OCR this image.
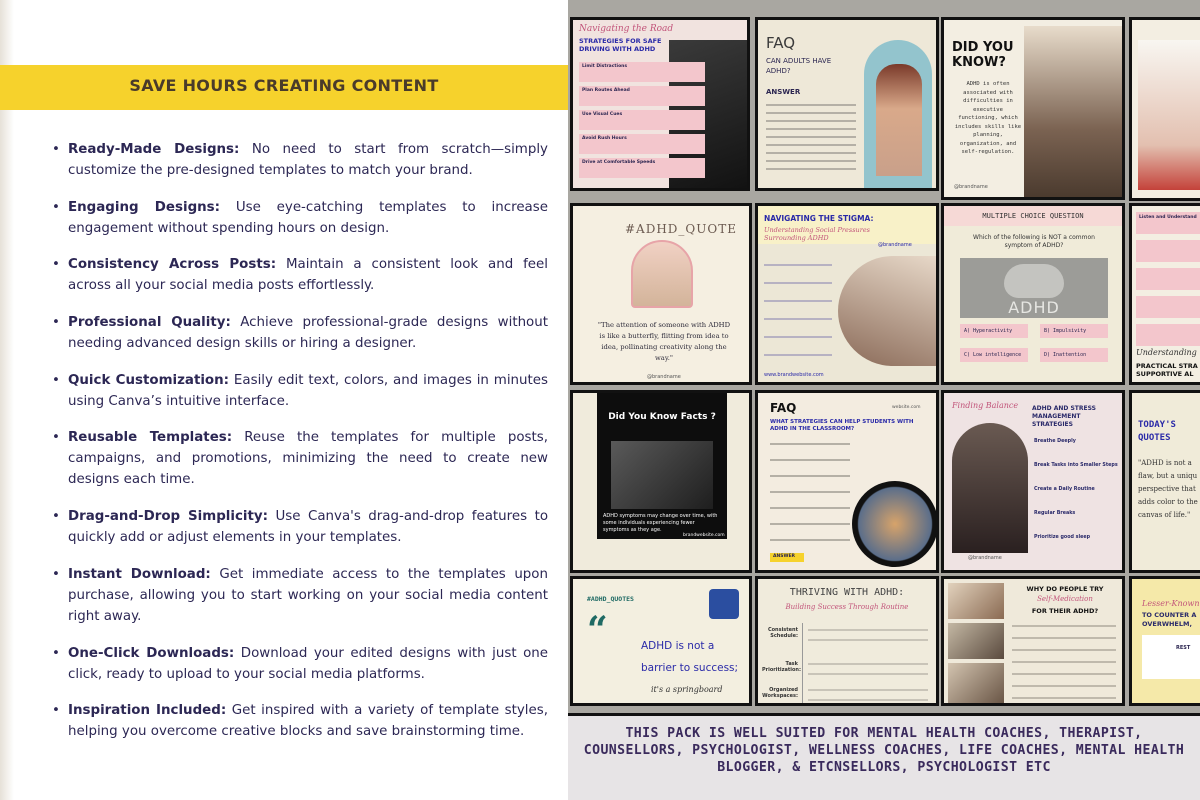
SAVE HOURS CREATING CONTENT
• Ready-Made Designs: No need to start from scratch—simply customize the pre-designed templates to match your brand.
• Engaging Designs: Use eye-catching templates to increase engagement without spending hours on design.
• Consistency Across Posts: Maintain a consistent look and feel across all your social media posts effortlessly.
• Professional Quality: Achieve professional-grade designs without needing advanced design skills or hiring a designer.
• Quick Customization: Easily edit text, colors, and images in minutes using Canva’s intuitive interface.
• Reusable Templates: Reuse the templates for multiple posts, campaigns, and promotions, minimizing the need to create new designs each time.
• Drag-and-Drop Simplicity: Use Canva's drag-and-drop features to quickly add or adjust elements in your templates.
• Instant Download: Get immediate access to the templates upon purchase, allowing you to start working on your social media content right away.
• One-Click Downloads: Download your edited designs with just one click, ready to upload to your social media platforms.
• Inspiration Included: Get inspired with a variety of template styles, helping you overcome creative blocks and save brainstorming time.
Navigating the Road
STRATEGIES FOR SAFE DRIVING WITH ADHD
Limit Distractions
Plan Routes Ahead
Use Visual Cues
Avoid Rush Hours
Drive at Comfortable Speeds
FAQ
CAN ADULTS HAVE ADHD?
ANSWER
DID YOU KNOW?
ADHD is often associated with difficulties in executive functioning, which includes skills like planning, organization, and self-regulation.
@brandname
#ADHD_QUOTE
"The attention of someone with ADHD is like a butterfly, flitting from idea to idea, pollinating creativity along the way."
@brandname
NAVIGATING THE STIGMA:
Understanding Social Pressures Surrounding ADHD
@brandname
www.brandwebsite.com
MULTIPLE CHOICE QUESTION
Which of the following is NOT a common symptom of ADHD?
ADHD
A) Hyperactivity	B) Impulsivity
C) Low intelligence	D) Inattention
Listen and Understand
Understanding
PRACTICAL STRA SUPPORTIVE AL
Did You Know Facts ?
ADHD symptoms may change over time, with some individuals experiencing fewer symptoms as they age.
brandwebsite.com
FAQ	website.com
WHAT STRATEGIES CAN HELP STUDENTS WITH ADHD IN THE CLASSROOM?
ANSWER
Finding Balance ADHD AND STRESS MANAGEMENT STRATEGIES
@brandname
Breathe Deeply
Break Tasks into Smaller Steps
Create a Daily Routine
Regular Breaks
Prioritize good sleep
TODAY'S QUOTES
"ADHD is not a flaw, but a uniqu perspective that adds color to the canvas of life."
#ADHD_QUOTES
“	ADHD is not a barrier to success;
it's a springboard
THRIVING WITH ADHD:
Building Success Through Routine
Consistent Schedule:
Task Prioritization:
Organized Workspaces:
WHY DO PEOPLE TRY
Self-Medication
FOR THEIR ADHD?
Lesser-Known
TO COUNTER A OVERWHELM,
REST
THIS PACK IS WELL SUITED FOR MENTAL HEALTH COACHES, THERAPIST, COUNSELLORS, PSYCHOLOGIST, WELLNESS COACHES, LIFE COACHES, MENTAL HEALTH BLOGGER, & ETCNSELLORS, PSYCHOLOGIST ETC
